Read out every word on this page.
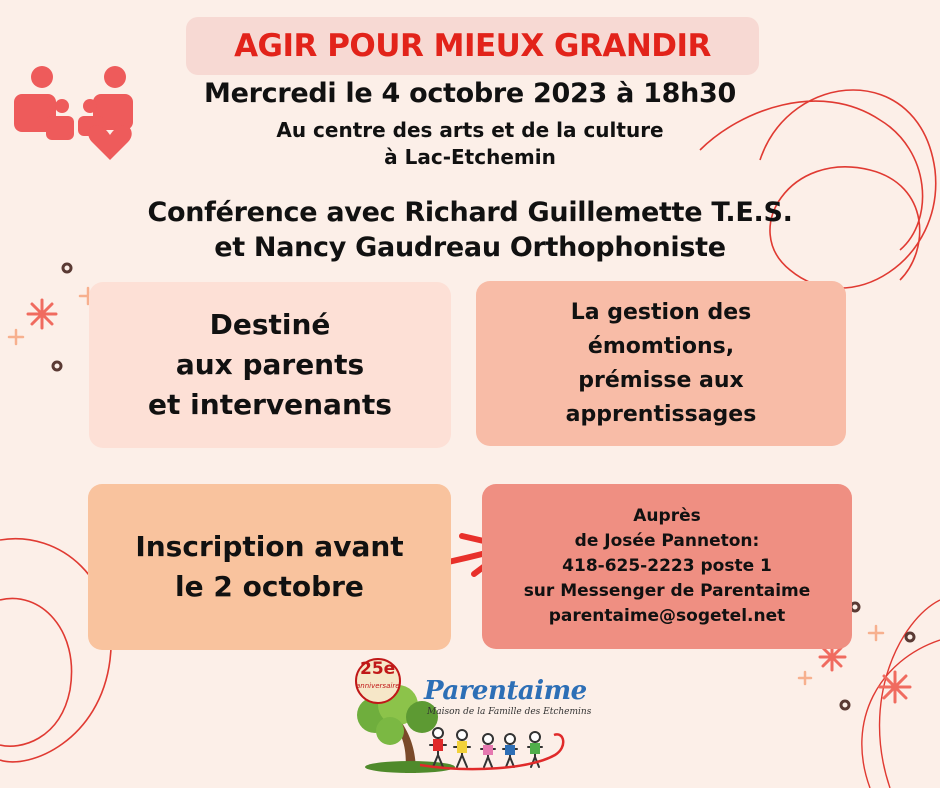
AGIR POUR MIEUX GRANDIR
Mercredi le 4 octobre 2023 à 18h30
Au centre des arts et de la culture
à Lac-Etchemin
Conférence avec Richard Guillemette T.E.S.
et Nancy Gaudreau Orthophoniste
Destiné
aux parents
et intervenants
La gestion des
émomtions,
prémisse aux
apprentissages
Inscription avant
le 2 octobre
Auprès
de Josée Panneton:
418-625-2223 poste 1
sur Messenger de Parentaime
parentaime@sogetel.net
25e
anniversaire Parentaime
Maison de la Famille des Etchemins
